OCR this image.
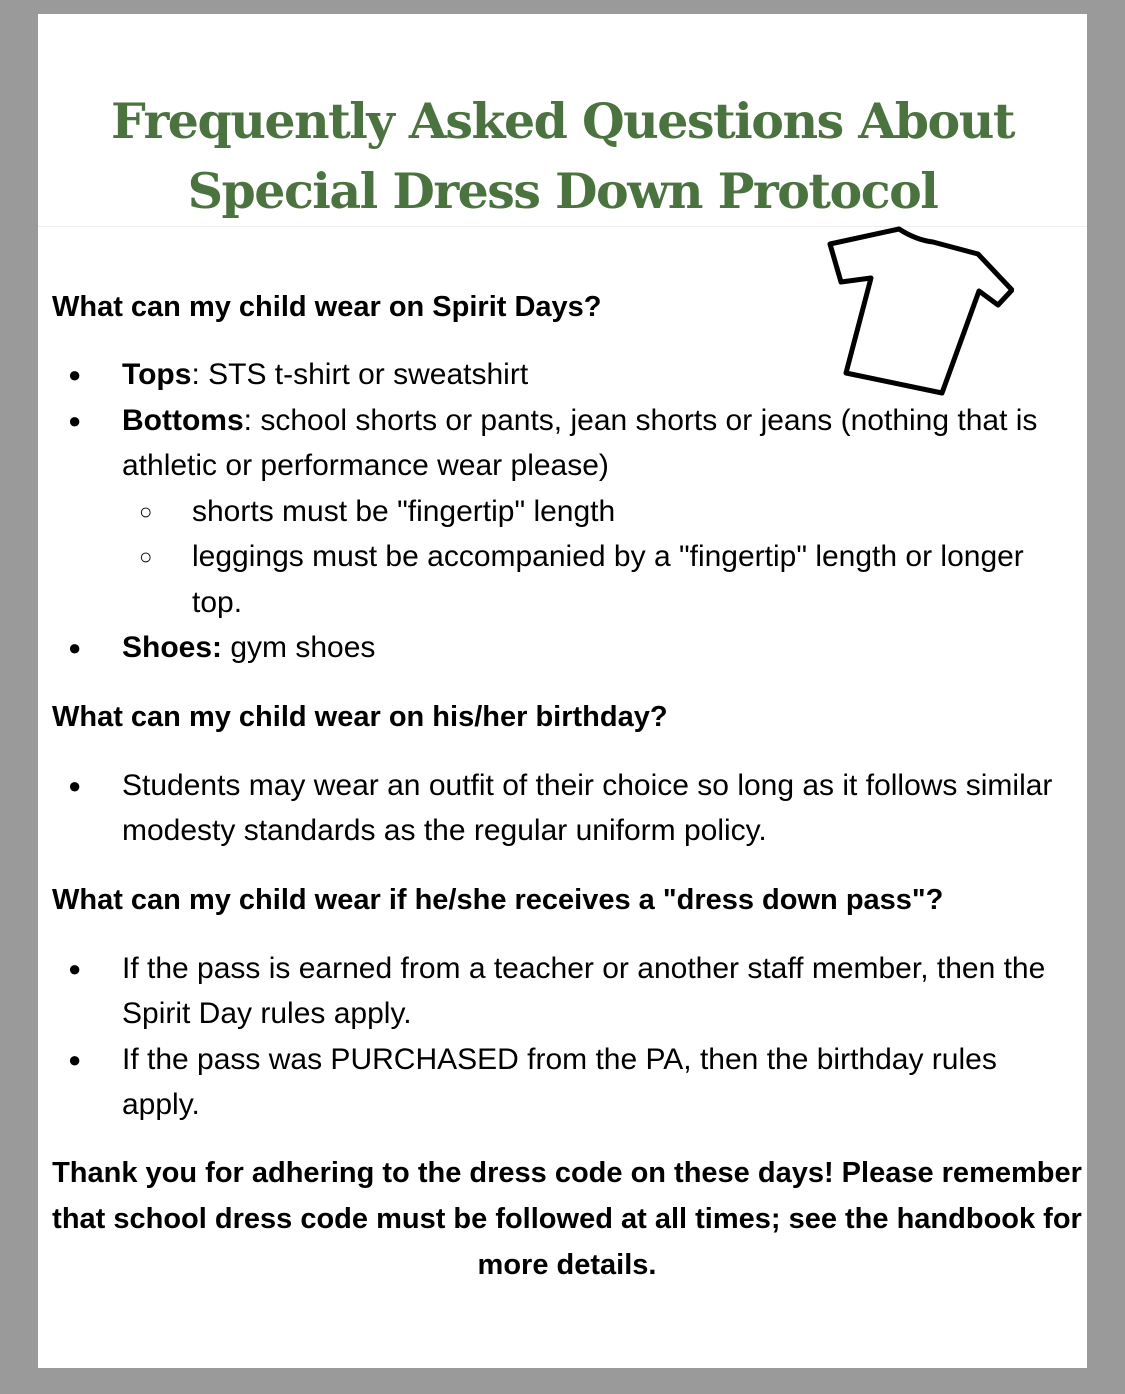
Frequently Asked Questions About
Special Dress Down Protocol
What can my child wear on Spirit Days?
● Tops: STS t-shirt or sweatshirt
● Bottoms: school shorts or pants, jean shorts or jeans (nothing that is athletic or performance wear please)
○ shorts must be "fingertip" length
○ leggings must be accompanied by a "fingertip" length or longer top.
● Shoes: gym shoes
What can my child wear on his/her birthday?
● Students may wear an outfit of their choice so long as it follows similar modesty standards as the regular uniform policy.
What can my child wear if he/she receives a "dress down pass"?
● If the pass is earned from a teacher or another staff member, then the Spirit Day rules apply.
● If the pass was PURCHASED from the PA, then the birthday rules apply.

Thank you for adhering to the dress code on these days! Please remember that school dress code must be followed at all times; see the handbook for more details.
